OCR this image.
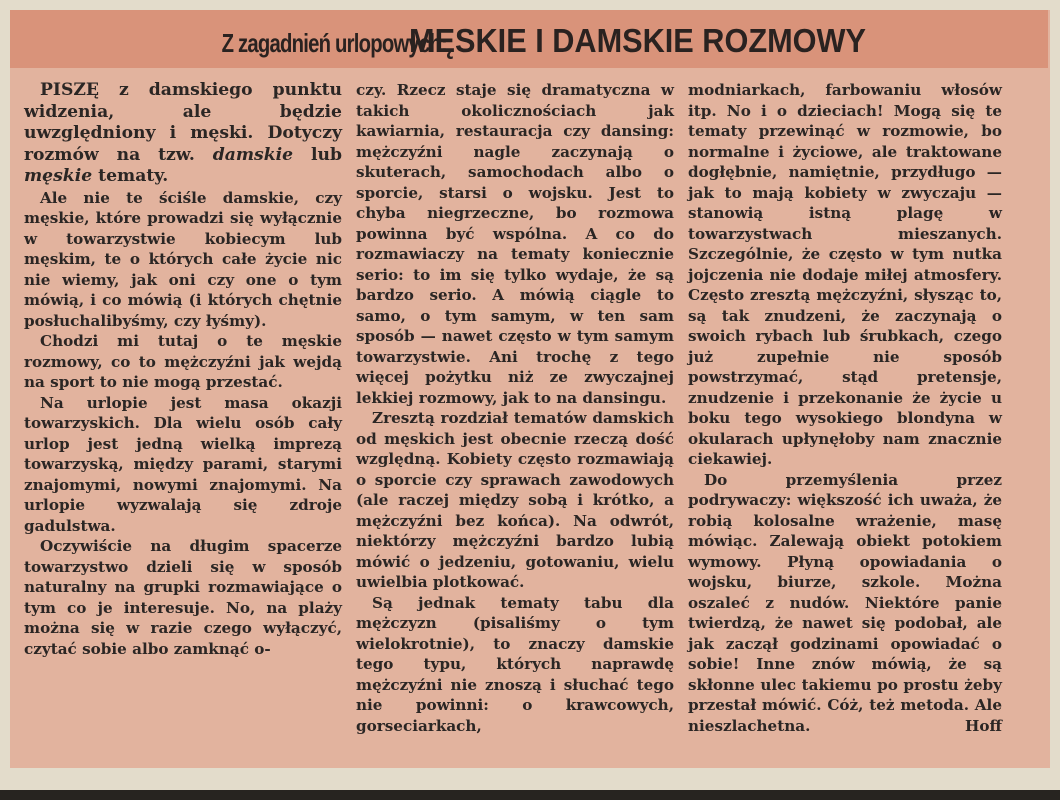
Z zagadnień urlopowych:
MĘSKIE I DAMSKIE ROZMOWY

PISZĘ z damskiego punktu widzenia, ale będzie uwzględniony i męski. Dotyczy rozmów na tzw. damskie lub męskie tematy.

Ale nie te ściśle damskie, czy męskie, które prowadzi się wyłącznie w towarzystwie kobiecym lub męskim, te o których całe życie nic nie wiemy, jak oni czy one o tym mówią, i co mówią (i których chętnie posłuchalibyśmy, czy łyśmy).

Chodzi mi tutaj o te męskie rozmowy, co to mężczyźni jak wejdą na sport to nie mogą przestać.

Na urlopie jest masa okazji towarzyskich. Dla wielu osób cały urlop jest jedną wielką imprezą towarzyską, między parami, starymi znajomymi, nowymi znajomymi. Na urlopie wyzwalają się zdroje gadulstwa.

Oczywiście na długim spacerze towarzystwo dzieli się w sposób naturalny na grupki rozmawiające o tym co je interesuje. No, na plaży można się w razie czego wyłączyć, czytać sobie albo zamknąć o-

czy. Rzecz staje się dramatyczna w takich okolicznościach jak kawiarnia, restauracja czy dansing: mężczyźni nagle zaczynają o skuterach, samochodach albo o sporcie, starsi o wojsku. Jest to chyba niegrzeczne, bo rozmowa powinna być wspólna. A co do rozmawiaczy na tematy koniecznie serio: to im się tylko wydaje, że są bardzo serio. A mówią ciągle to samo, o tym samym, w ten sam sposób — nawet często w tym samym towarzystwie. Ani trochę z tego więcej pożytku niż ze zwyczajnej lekkiej rozmowy, jak to na dansingu.

Zresztą rozdział tematów damskich od męskich jest obecnie rzeczą dość względną. Kobiety często rozmawiają o sporcie czy sprawach zawodowych (ale raczej między sobą i krótko, a mężczyźni bez końca). Na odwrót, niektórzy mężczyźni bardzo lubią mówić o jedzeniu, gotowaniu, wielu uwielbia plotkować.

Są jednak tematy tabu dla mężczyzn (pisaliśmy o tym wielokrotnie), to znaczy damskie tego typu, których naprawdę mężczyźni nie znoszą i słuchać tego nie powinni: o krawcowych, gorseciarkach,

modniarkach, farbowaniu włosów itp. No i o dzieciach! Mogą się te tematy przewinąć w rozmowie, bo normalne i życiowe, ale traktowane dogłębnie, namiętnie, przydługo — jak to mają kobiety w zwyczaju — stanowią istną plagę w towarzystwach mieszanych. Szczególnie, że często w tym nutka jojczenia nie dodaje miłej atmosfery. Często zresztą mężczyźni, słysząc to, są tak znudzeni, że zaczynają o swoich rybach lub śrubkach, czego już zupełnie nie sposób powstrzymać, stąd pretensje, znudzenie i przekonanie że życie u boku tego wysokiego blondyna w okularach upłynęłoby nam znacznie ciekawiej.

Do przemyślenia przez podrywaczy: większość ich uważa, że robią kolosalne wrażenie, masę mówiąc. Zalewają obiekt potokiem wymowy. Płyną opowiadania o wojsku, biurze, szkole. Można oszaleć z nudów. Niektóre panie twierdzą, że nawet się podobał, ale jak zaczął godzinami opowiadać o sobie! Inne znów mówią, że są skłonne ulec takiemu po prostu żeby przestał mówić. Cóż, też metoda. Ale nieszlachetna.	Hoff
